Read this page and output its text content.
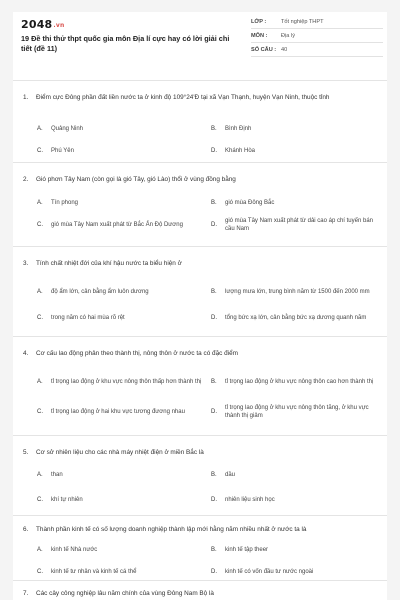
2048.vn
19 Đề thi thử thpt quốc gia môn Địa lí cực hay có lời giải chi tiết (đề 11)
LỚP :	Tốt nghiệp THPT
MÔN :	Địa lý
SỐ CÂU : 40
1.	Điểm cực Đông phần đất liền nước ta ở kinh độ 109°24'Đ tại xã Vạn Thạnh, huyện Vạn Ninh, thuộc tỉnh
A.	Quảng Ninh	B.	Bình Định
C.	Phú Yên	D.	Khánh Hòa
2.	Gió phơn Tây Nam (còn gọi là gió Tây, gió Lào) thổi ở vùng đồng bằng
A.	Tín phong	B.	gió mùa Đông Bắc
C.	gió mùa Tây Nam xuất phát từ Bắc Ấn Độ Dương	D.
gió mùa Tây Nam xuất phát từ dải cao áp chí tuyến bán cầu Nam
3.	Tính chất nhiệt đới của khí hậu nước ta biểu hiện ở
A.	độ ẩm lớn, cân bằng ẩm luôn dương	B.	lượng mưa lớn, trung bình năm từ 1500 đến 2000 mm
C.	trong năm có hai mùa rõ rệt	D.	tổng bức xạ lớn, cân bằng bức xạ dương quanh năm
4.	Cơ cấu lao động phân theo thành thị, nông thôn ở nước ta có đặc điểm
A.	tỉ trọng lao động ở khu vực nông thôn thấp hơn thành thị	B.	tỉ trọng lao động ở khu vực nông thôn cao hơn thành thị
C.	tỉ trọng lao động ở hai khu vực tương đương nhau	D.
tỉ trọng lao động ở khu vực nông thôn tăng, ở khu vực thành thị giảm
5.	Cơ sở nhiên liệu cho các nhà máy nhiệt điện ở miền Bắc là
A.	than	B.	dầu
C.	khí tự nhiên	D.	nhiên liệu sinh học
6.	Thành phần kinh tế có số lượng doanh nghiệp thành lập mới hằng năm nhiều nhất ở nước ta là
A.	kinh tế Nhà nước	B.	kinh tế tập theer
C.	kinh tế tư nhân và kinh tế cá thể	D.	kinh tế có vốn đầu tư nước ngoài
7.	Các cây công nghiệp lâu năm chính của vùng Đông Nam Bộ là
